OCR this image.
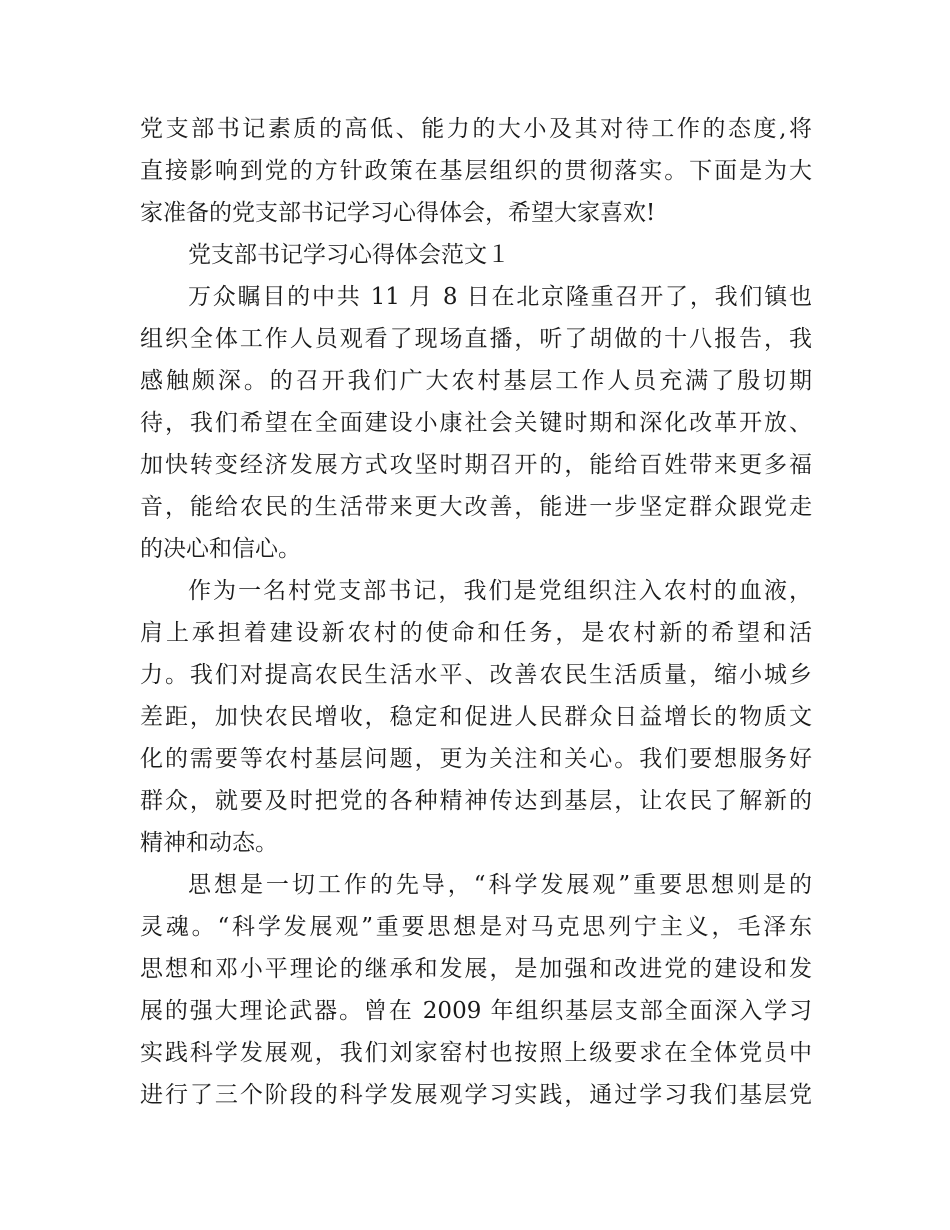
党支部书记素质的高低、能力的大小及其对待工作的态度,将
直接影响到党的方针政策在基层组织的贯彻落实。下面是为大
家准备的党支部书记学习心得体会，希望大家喜欢!
党支部书记学习心得体会范文１
万众瞩目的中共 11 月 8 日在北京隆重召开了，我们镇也
组织全体工作人员观看了现场直播，听了胡做的十八报告，我
感触颇深。的召开我们广大农村基层工作人员充满了殷切期
待，我们希望在全面建设小康社会关键时期和深化改革开放、
加快转变经济发展方式攻坚时期召开的，能给百姓带来更多福
音，能给农民的生活带来更大改善，能进一步坚定群众跟党走
的决心和信心。
作为一名村党支部书记，我们是党组织注入农村的血液，
肩上承担着建设新农村的使命和任务，是农村新的希望和活
力。我们对提高农民生活水平、改善农民生活质量，缩小城乡
差距，加快农民增收，稳定和促进人民群众日益增长的物质文
化的需要等农村基层问题，更为关注和关心。我们要想服务好
群众，就要及时把党的各种精神传达到基层，让农民了解新的
精神和动态。
思想是一切工作的先导，“科学发展观”重要思想则是的
灵魂。“科学发展观”重要思想是对马克思列宁主义，毛泽东
思想和邓小平理论的继承和发展，是加强和改进党的建设和发
展的强大理论武器。曾在 2009 年组织基层支部全面深入学习
实践科学发展观，我们刘家窑村也按照上级要求在全体党员中
进行了三个阶段的科学发展观学习实践，通过学习我们基层党
